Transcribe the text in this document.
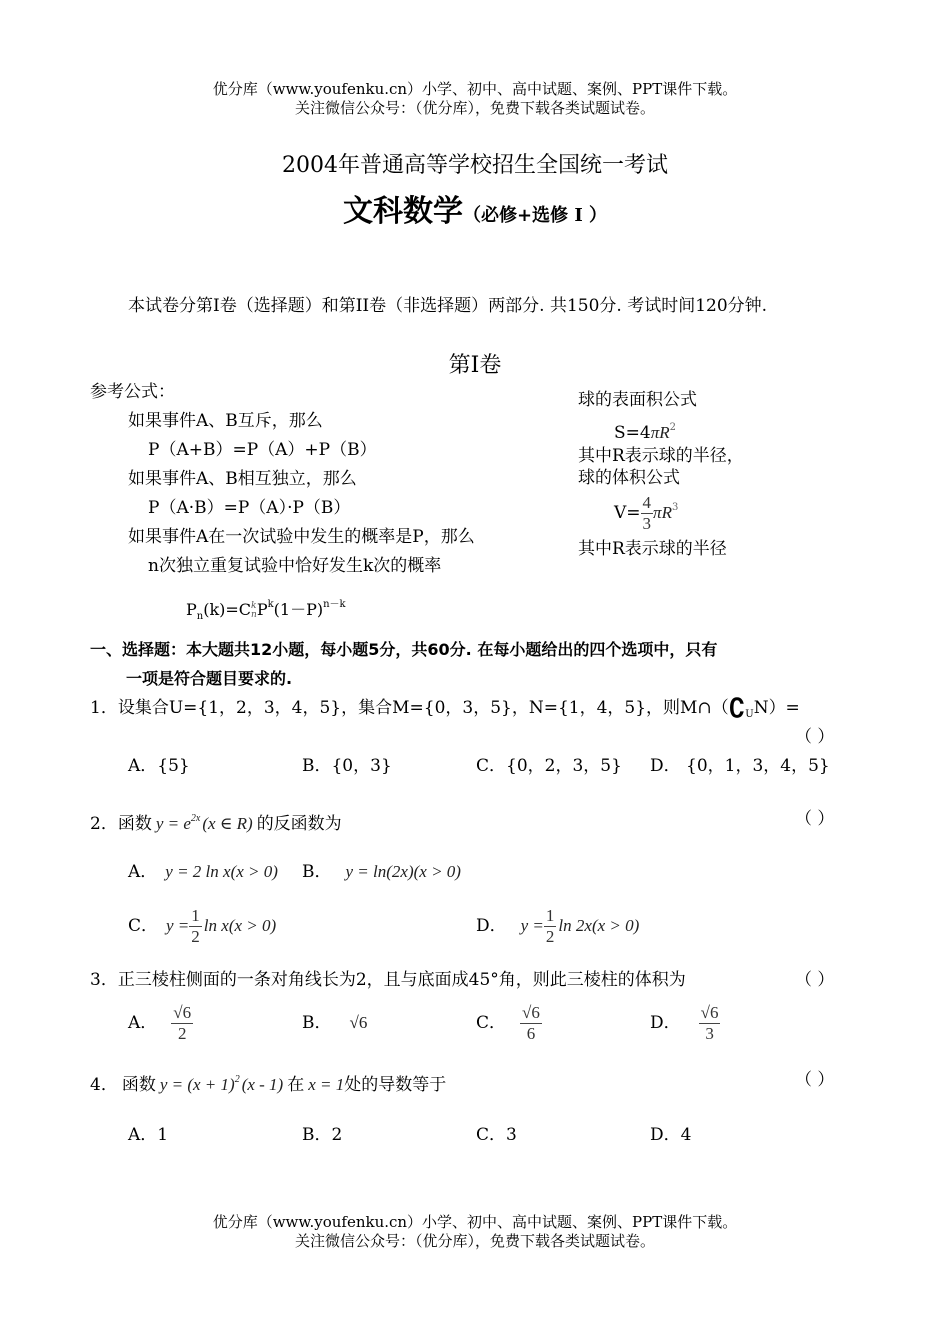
优分库（www.youfenku.cn）小学、初中、高中试题、案例、PPT课件下载。
关注微信公众号：（优分库），免费下载各类试题试卷。
2004年普通高等学校招生全国统一考试
文科数学（必修+选修 I ）
本试卷分第I卷（选择题）和第II卷（非选择题）两部分. 共150分. 考试时间120分钟.
第I卷
参考公式：
如果事件A、B互斥，那么
P（A+B）=P（A）+P（B）
如果事件A、B相互独立，那么
P（A·B）=P（A）·P（B）
如果事件A在一次试验中发生的概率是P，那么
n次独立重复试验中恰好发生k次的概率
$P_n(k)=C$ k
n $P^k(1-P)^{n-k}$
球的表面积公式
$S=4\pi R^2$
其中R表示球的半径，
球的体积公式
$V= \frac{4}{3} \pi R^3$
其中R表示球的半径
一、选择题：本大题共12小题，每小题5分，共60分. 在每小题给出的四个选项中，只有
一项是符合题目要求的.
1．设集合U={1，2，3，4，5}，集合M={0，3，5}，N={1，4，5}，则$M\cap(∁_UN)=$
（ ）
A．{5}	B．{0，3}	C．{0，2，3，5} D． {0，1，3，4，5}
2．函数 $y = e^{2x}$ (x ∈ R) 的反函数为	（ ）
A． y = 2 ln x(x > 0) B． y = ln(2x)(x > 0)
C． $y = \frac{1}{2}$ ln x(x > 0)	D． $y = \frac{1}{2}$ ln 2x(x > 0)
3．正三棱柱侧面的一条对角线长为2，且与底面成45°角，则此三棱柱的体积为	（ ）
A． $\frac{√6}{2}$	B． √6	C． $\frac{√6}{6}$	D． $\frac{√6}{3}$
4． 函数 $y = (x + 1)^2$ (x - 1) 在 x = 1处的导数等于	（ ）
A．1	B．2	C．3	D．4
优分库（www.youfenku.cn）小学、初中、高中试题、案例、PPT课件下载。
关注微信公众号：（优分库），免费下载各类试题试卷。
